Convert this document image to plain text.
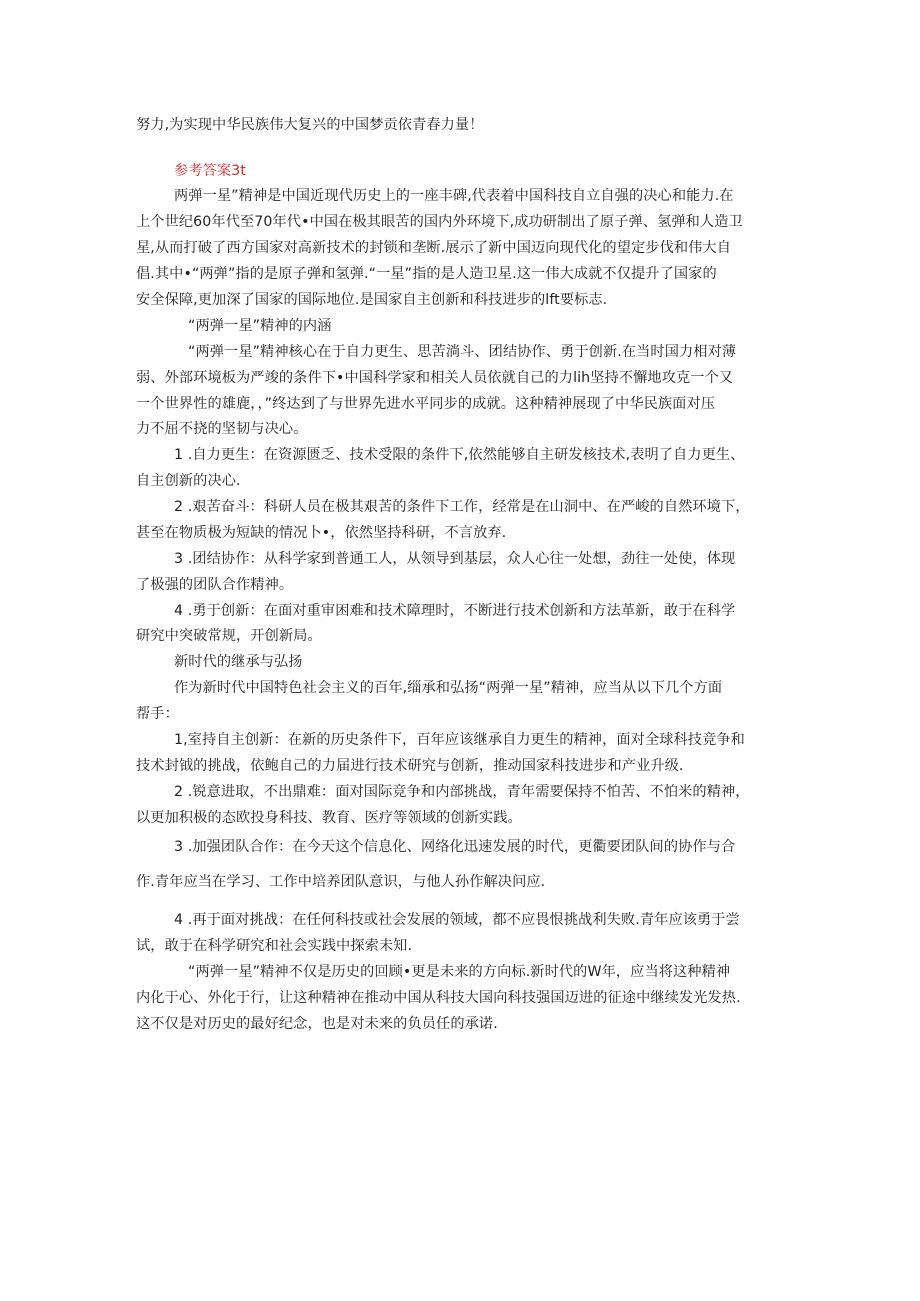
努力,为实现中华民族伟大复兴的中国梦贡依青春力量！
参考答案3t
两弹一星”精神是中国近现代历史上的一座丰碑,代表着中国科技自立自强的决心和能力.在
上个世纪60年代至70年代•中国在极其眼苦的国内外环境下,成功研制出了原子弹、氢弹和人造卫
星,从而打破了西方国家对高新技术的封锁和垄断.展示了新中国迈向现代化的望定步伐和伟大自
倡.其中•“两弹”指的是原子弹和氢弹.“一星”指的是人造卫星.这一伟大成就不仅提升了国家的
安全保障,更加深了国家的国际地位.是国家自主创新和科技进步的lft要标志.
“两弹一星”精神的内涵
“两弹一星”精神核心在于自力更生、思苦淌斗、团结协作、勇于创新.在当时国力相对薄
弱、外部环境板为严竣的条件下•中国科学家和相关人员依就自己的力lih坚持不懈地攻克一个又
一个世界性的雄鹿，，”终达到了与世界先进水平同步的成就。这种精神展现了中华民族面对压
力不屈不挠的坚韧与决心。
1 .自力更生：在资源匮乏、技术受限的条件下,依然能够自主研发核技术,表明了自力更生、
自主创新的决心.
2 .艰苦奋斗：科研人员在极其艰苦的条件下工作，经常是在山洞中、在严峻的自然环境下，
甚至在物质极为短缺的情况卜•，依然坚持科研，不言放弃.
3 .团结协作：从科学家到普通工人，从领导到基层，众人心往一处想，劲往一处使，体现
了极强的团队合作精神。
4 .勇于创新：在面对重审困难和技术障理时，不断进行技术创新和方法革新，敢于在科学
研究中突破常规，开创新局。
新时代的继承与弘扬
作为新时代中国特色社会主义的百年,缁承和弘扬“两弹一星”精神，应当从以下几个方面
帮手：
1,室持自主创新：在新的历史条件下，百年应该继承自力更生的精神，面对全球科技竞争和
技术封钺的挑战，依鲍自己的力届进行技术研究与创新，推动国家科技进步和产业升级.
2 .锐意进取，不出鼎难：面对国际竞争和内部挑战，青年需要保持不怕苦、不怕米的精神，
以更加积极的态欧投身科技、教育、医疗等领域的创新实践。
3 .加强团队合作：在今天这个信息化、网络化迅速发展的时代，更衢要团队间的协作与合
作.青年应当在学习、工作中培养团队意识，与他人孙作解决问应.
4 .再于面对挑战：在任何科技或社会发展的领域，都不应畏恨挑战利失败.青年应该勇于尝
试，敢于在科学研究和社会实践中探索未知.
“两弹一星”精神不仅是历史的回顾•更是未来的方向标.新时代的W年，应当将这种精神
内化于心、外化于行，让这种精神在推动中国从科技大国向科技强国迈进的征途中继续发光发热.
这不仅是对历史的最好纪念，也是对未来的负员任的承诺.
